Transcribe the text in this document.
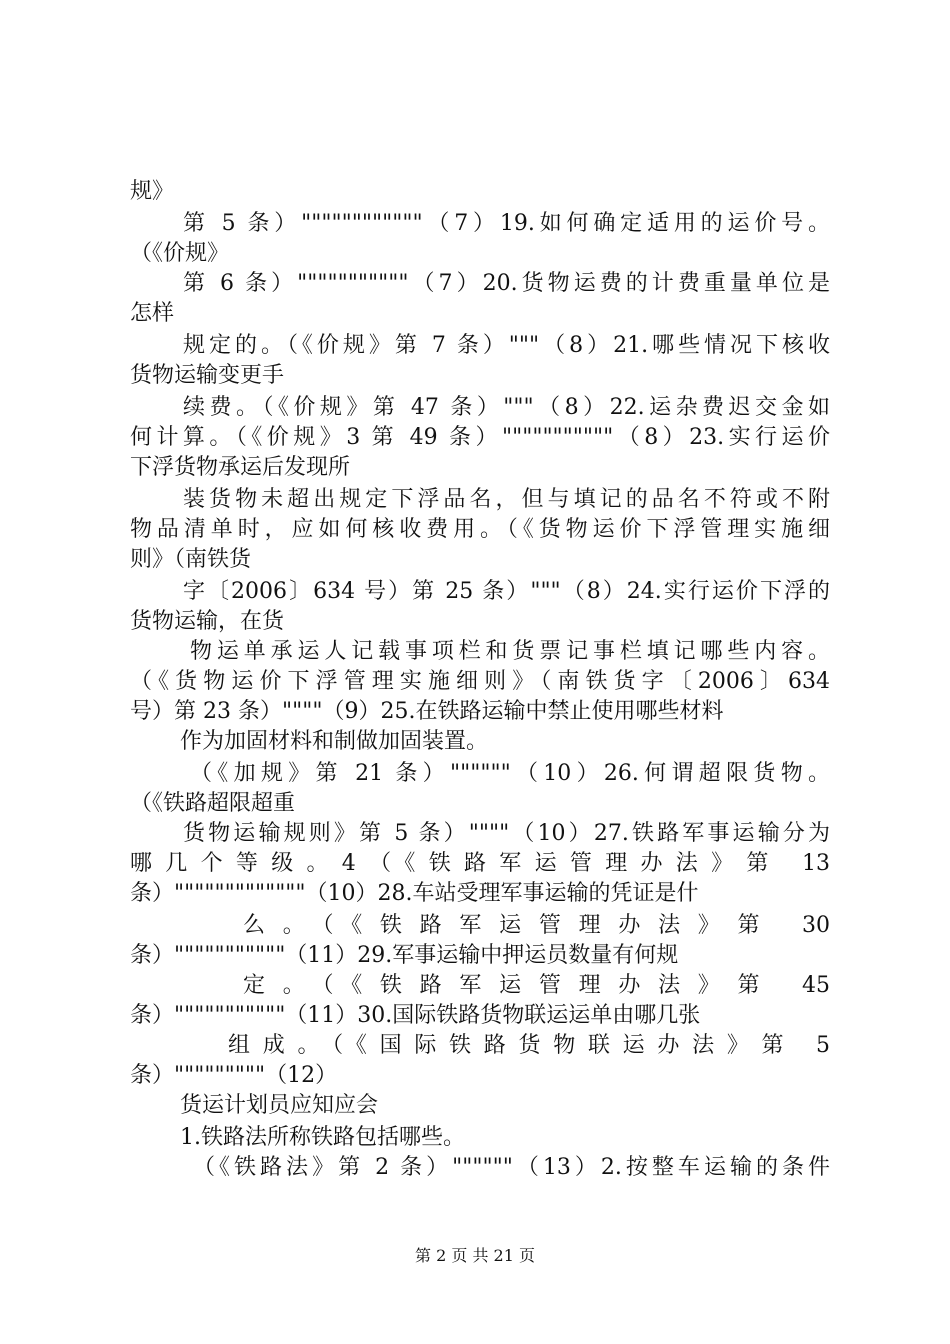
规》
第 5 条）""""""""""""（7）19.如何确定适用的运价号。
（《价规》
第 6 条）"""""""""""（7）20.货物运费的计费重量单位是
怎样
规定的。（《价规》第 7 条）"""（8）21.哪些情况下核收
货物运输变更手
续费。（《价规》第 47 条）"""（8）22.运杂费迟交金如
何计算。（《价规》3 第 49 条）"""""""""""（8）23.实行运价
下浮货物承运后发现所
装货物未超出规定下浮品名，但与填记的品名不符或不附
物品清单时，应如何核收费用。（《货物运价下浮管理实施细
则》（南铁货
字〔2006〕634 号）第 25 条）"""（8）24.实行运价下浮的
货物运输，在货
物运单承运人记载事项栏和货票记事栏填记哪些内容。
（《货物运价下浮管理实施细则》（南铁货字〔2006〕634
号）第 23 条）""""（9）25.在铁路运输中禁止使用哪些材料
作为加固材料和制做加固装置。
（《加规》第 21 条）""""""（10）26.何谓超限货物。
（《铁路超限超重
货物运输规则》第 5 条）""""（10）27.铁路军事运输分为
哪几个等级。4（《铁路军运管理办法》第 13
条）"""""""""""""（10）28.车站受理军事运输的凭证是什
么。（《铁路军运管理办法》第 30
条）"""""""""""（11）29.军事运输中押运员数量有何规
定。（《铁路军运管理办法》第 45
条）"""""""""""（11）30.国际铁路货物联运运单由哪几张
组成。（《国际铁路货物联运办法》第 5
条）"""""""""（12）
货运计划员应知应会
1.铁路法所称铁路包括哪些。
（《铁路法》第 2 条）""""""（13）2.按整车运输的条件
第 2 页 共 21 页
